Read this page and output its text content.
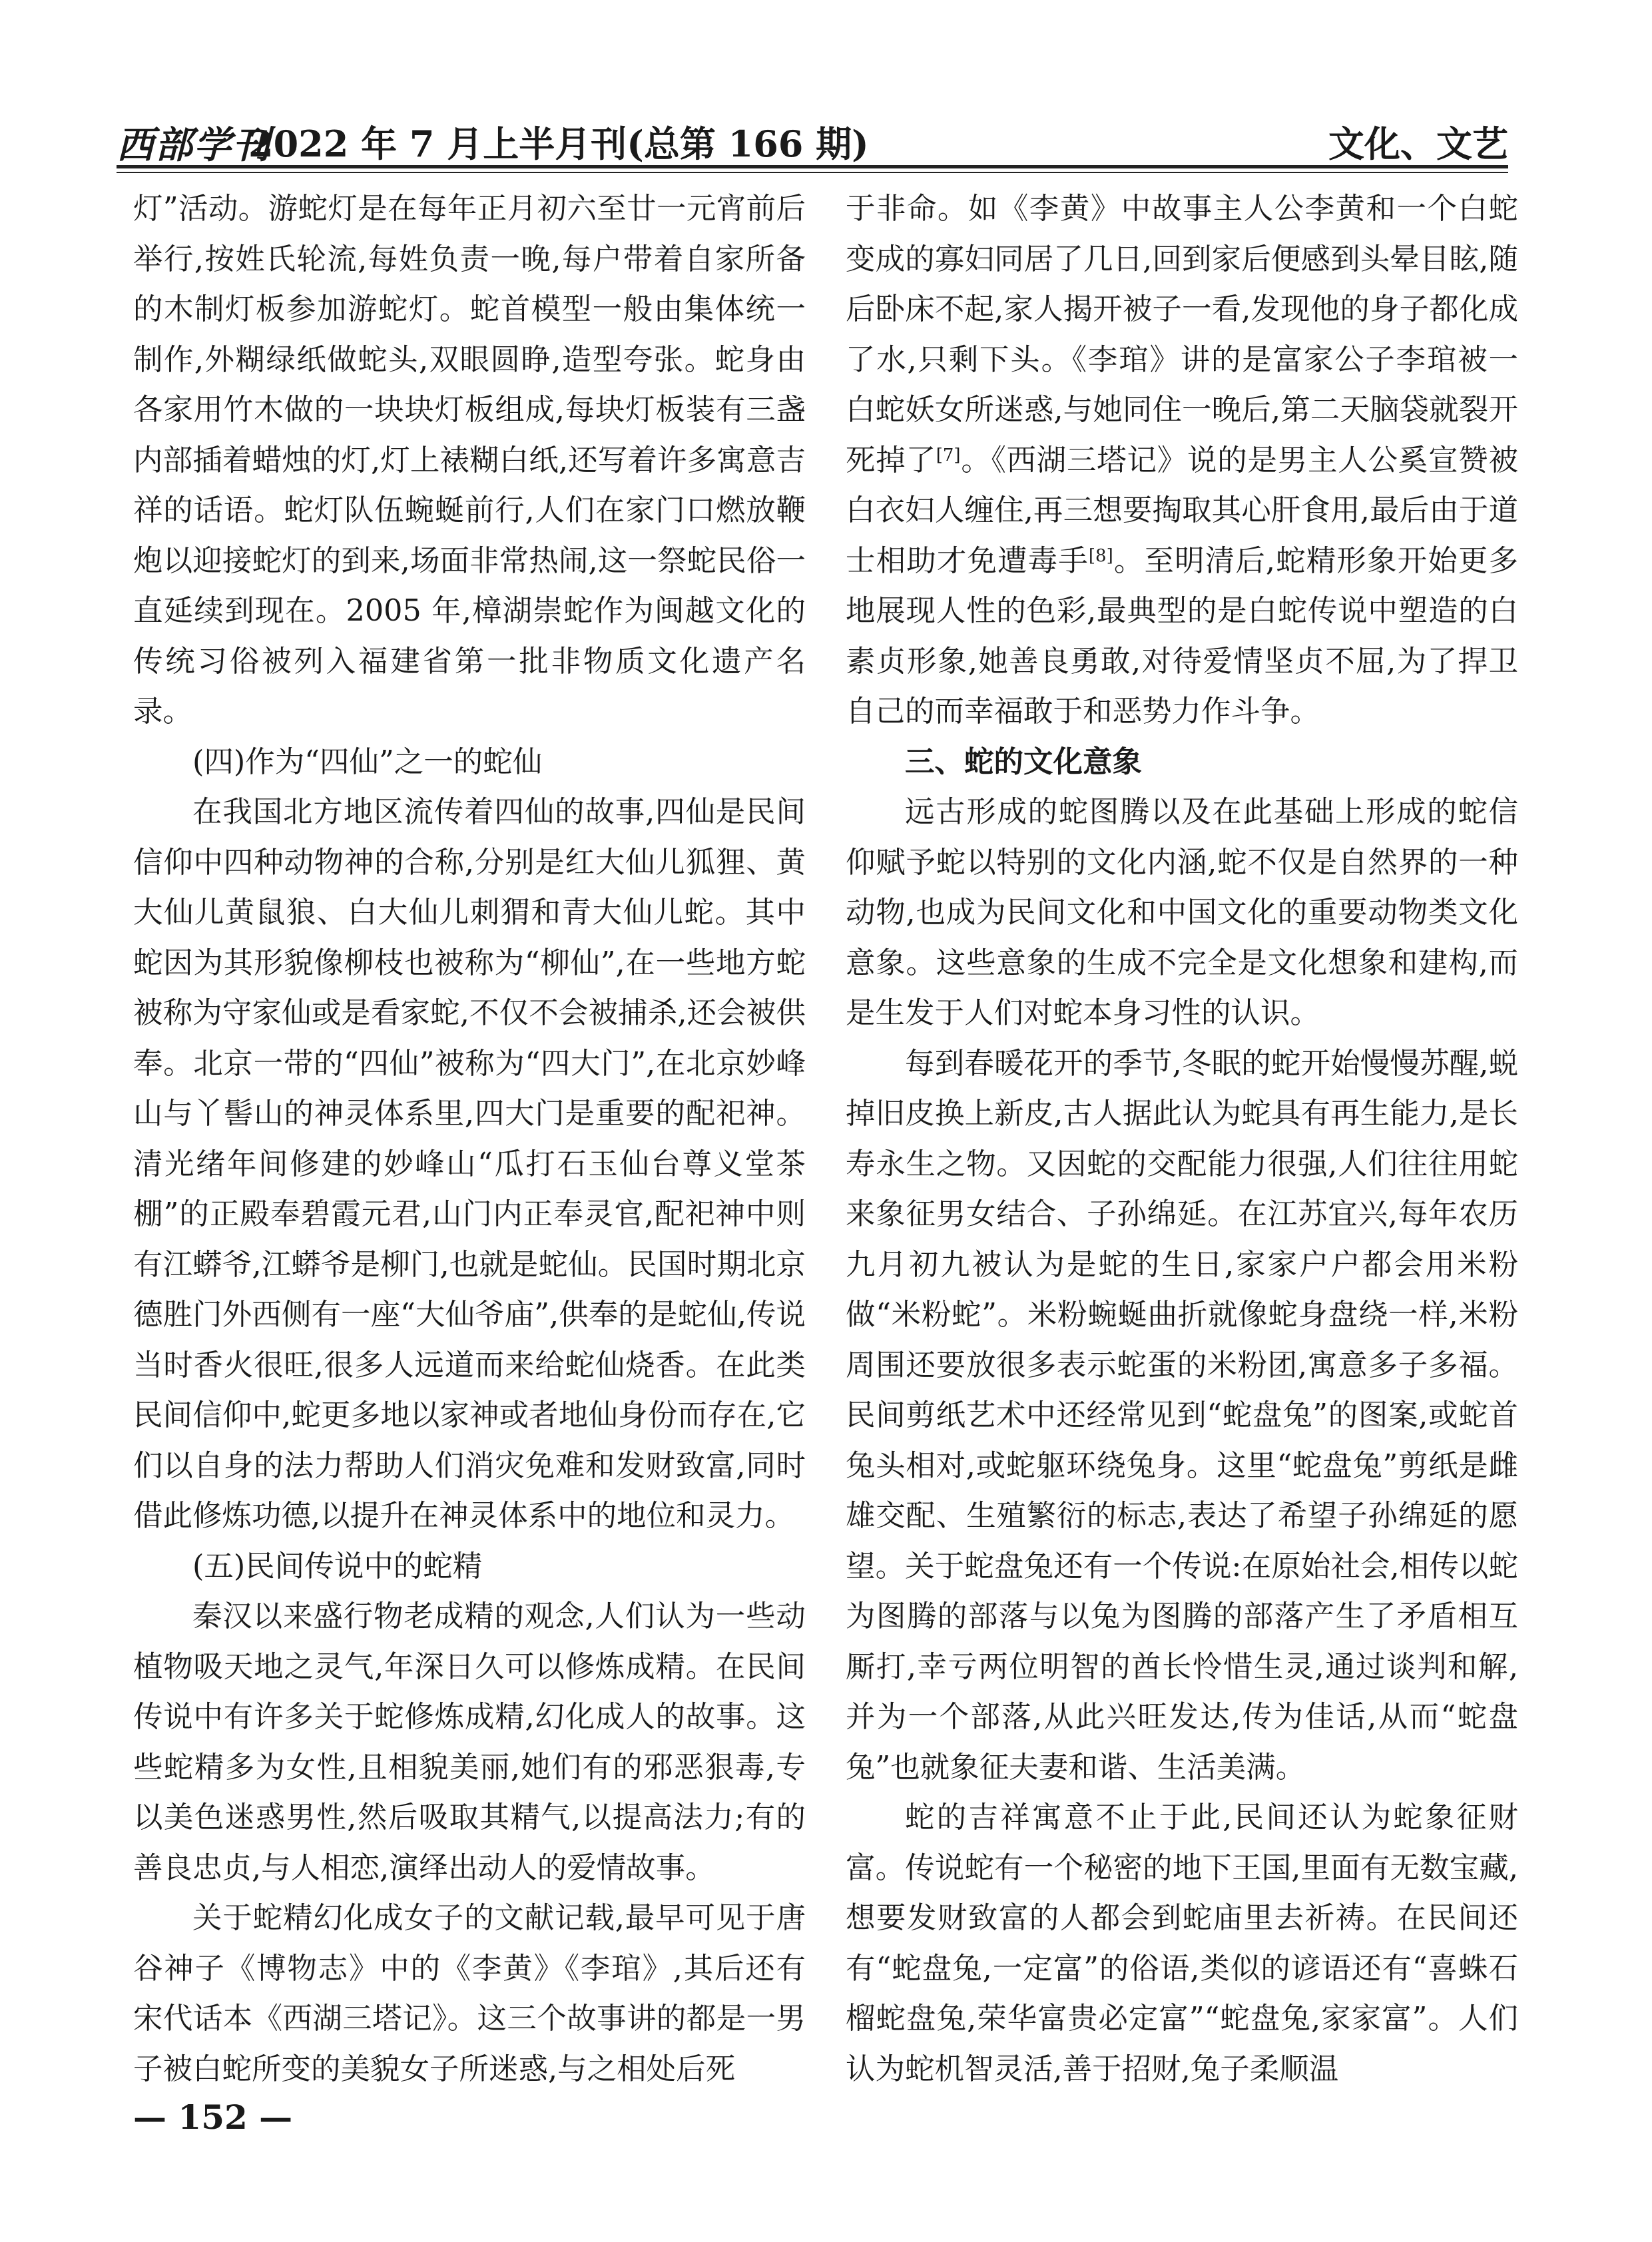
西部学刊
2022 年 7 月上半月刊(总第 166 期)	文化、文艺

灯”活动。游蛇灯是在每年正月初六至廿一元宵前后举行,按姓氏轮流,每姓负责一晚,每户带着自家所备的木制灯板参加游蛇灯。蛇首模型一般由集体统一制作,外糊绿纸做蛇头,双眼圆睁,造型夸张。蛇身由各家用竹木做的一块块灯板组成,每块灯板装有三盏内部插着蜡烛的灯,灯上裱糊白纸,还写着许多寓意吉祥的话语。蛇灯队伍蜿蜒前行,人们在家门口燃放鞭炮以迎接蛇灯的到来,场面非常热闹,这一祭蛇民俗一直延续到现在。2005 年,樟湖崇蛇作为闽越文化的传统习俗被列入福建省第一批非物质文化遗产名录。

(四)作为“四仙”之一的蛇仙

在我国北方地区流传着四仙的故事,四仙是民间信仰中四种动物神的合称,分别是红大仙儿狐狸、黄大仙儿黄鼠狼、白大仙儿刺猬和青大仙儿蛇。其中蛇因为其形貌像柳枝也被称为“柳仙”,在一些地方蛇被称为守家仙或是看家蛇,不仅不会被捕杀,还会被供奉。北京一带的“四仙”被称为“四大门”,在北京妙峰山与丫髻山的神灵体系里,四大门是重要的配祀神。清光绪年间修建的妙峰山“瓜打石玉仙台尊义堂茶棚”的正殿奉碧霞元君,山门内正奉灵官,配祀神中则有江蟒爷,江蟒爷是柳门,也就是蛇仙。民国时期北京德胜门外西侧有一座“大仙爷庙”,供奉的是蛇仙,传说当时香火很旺,很多人远道而来给蛇仙烧香。在此类民间信仰中,蛇更多地以家神或者地仙身份而存在,它们以自身的法力帮助人们消灾免难和发财致富,同时借此修炼功德,以提升在神灵体系中的地位和灵力。

(五)民间传说中的蛇精

秦汉以来盛行物老成精的观念,人们认为一些动植物吸天地之灵气,年深日久可以修炼成精。在民间传说中有许多关于蛇修炼成精,幻化成人的故事。这些蛇精多为女性,且相貌美丽,她们有的邪恶狠毒,专以美色迷惑男性,然后吸取其精气,以提高法力;有的善良忠贞,与人相恋,演绎出动人的爱情故事。

关于蛇精幻化成女子的文献记载,最早可见于唐谷神子《博物志》中的《李黄》《李琯》,其后还有宋代话本《西湖三塔记》。这三个故事讲的都是一男子被白蛇所变的美貌女子所迷惑,与之相处后死

于非命。如《李黄》中故事主人公李黄和一个白蛇变成的寡妇同居了几日,回到家后便感到头晕目眩,随后卧床不起,家人揭开被子一看,发现他的身子都化成了水,只剩下头。《李琯》讲的是富家公子李琯被一白蛇妖女所迷惑,与她同住一晚后,第二天脑袋就裂开死掉了[7]。《西湖三塔记》说的是男主人公奚宣赞被白衣妇人缠住,再三想要掏取其心肝食用,最后由于道士相助才免遭毒手[8]。至明清后,蛇精形象开始更多地展现人性的色彩,最典型的是白蛇传说中塑造的白素贞形象,她善良勇敢,对待爱情坚贞不屈,为了捍卫自己的而幸福敢于和恶势力作斗争。

三、蛇的文化意象

远古形成的蛇图腾以及在此基础上形成的蛇信仰赋予蛇以特别的文化内涵,蛇不仅是自然界的一种动物,也成为民间文化和中国文化的重要动物类文化意象。这些意象的生成不完全是文化想象和建构,而是生发于人们对蛇本身习性的认识。

每到春暖花开的季节,冬眠的蛇开始慢慢苏醒,蜕掉旧皮换上新皮,古人据此认为蛇具有再生能力,是长寿永生之物。又因蛇的交配能力很强,人们往往用蛇来象征男女结合、子孙绵延。在江苏宜兴,每年农历九月初九被认为是蛇的生日,家家户户都会用米粉做“米粉蛇”。米粉蜿蜒曲折就像蛇身盘绕一样,米粉周围还要放很多表示蛇蛋的米粉团,寓意多子多福。民间剪纸艺术中还经常见到“蛇盘兔”的图案,或蛇首兔头相对,或蛇躯环绕兔身。这里“蛇盘兔”剪纸是雌雄交配、生殖繁衍的标志,表达了希望子孙绵延的愿望。关于蛇盘兔还有一个传说:在原始社会,相传以蛇为图腾的部落与以兔为图腾的部落产生了矛盾相互厮打,幸亏两位明智的酋长怜惜生灵,通过谈判和解,并为一个部落,从此兴旺发达,传为佳话,从而“蛇盘兔”也就象征夫妻和谐、生活美满。

蛇的吉祥寓意不止于此,民间还认为蛇象征财富。传说蛇有一个秘密的地下王国,里面有无数宝藏,想要发财致富的人都会到蛇庙里去祈祷。在民间还有“蛇盘兔,一定富”的俗语,类似的谚语还有“喜蛛石榴蛇盘兔,荣华富贵必定富”“蛇盘兔,家家富”。人们认为蛇机智灵活,善于招财,兔子柔顺温

— 152 —
